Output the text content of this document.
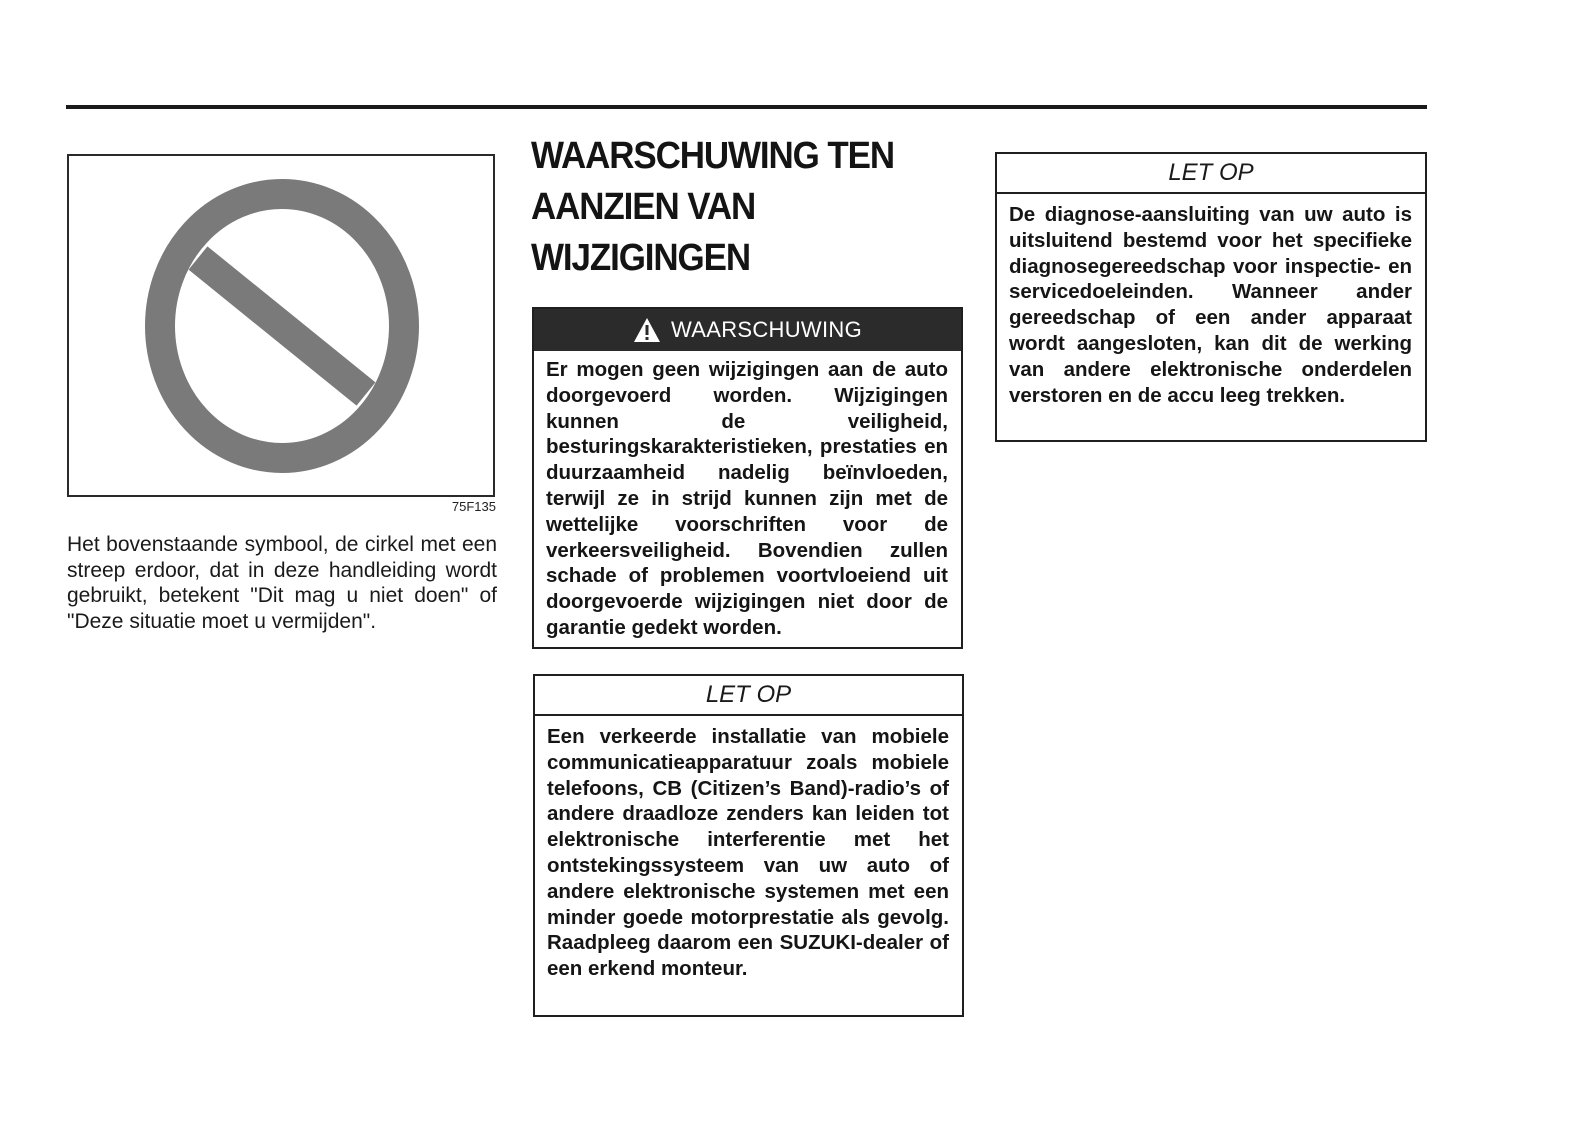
75F135
Het bovenstaande symbool, de cirkel met een streep erdoor, dat in deze handleiding wordt gebruikt, betekent "Dit mag u niet doen" of "Deze situatie moet u vermijden".
WAARSCHUWING TEN
AANZIEN VAN
WIJZIGINGEN
WAARSCHUWING

Er mogen geen wijzigingen aan de auto doorgevoerd worden. Wijzigingen kunnen de veiligheid, besturingskarakteristieken, prestaties en duurzaamheid nadelig beïnvloeden, terwijl ze in strijd kunnen zijn met de wettelijke voorschriften voor de verkeersveiligheid. Bovendien zullen schade of problemen voortvloeiend uit doorgevoerde wijzigingen niet door de garantie gedekt worden.

LET OP

Een verkeerde installatie van mobiele communicatieapparatuur zoals mobiele telefoons, CB (Citizen’s Band)-radio’s of andere draadloze zenders kan leiden tot elektronische interferentie met het ontstekingssysteem van uw auto of andere elektronische systemen met een minder goede motorprestatie als gevolg. Raadpleeg daarom een SUZUKI-dealer of een erkend monteur.

LET OP

De diagnose-aansluiting van uw auto is uitsluitend bestemd voor het specifieke diagnosegereedschap voor inspectie- en servicedoeleinden. Wanneer ander gereedschap of een ander apparaat wordt aangesloten, kan dit de werking van andere elektronische onderdelen verstoren en de accu leeg trekken.
